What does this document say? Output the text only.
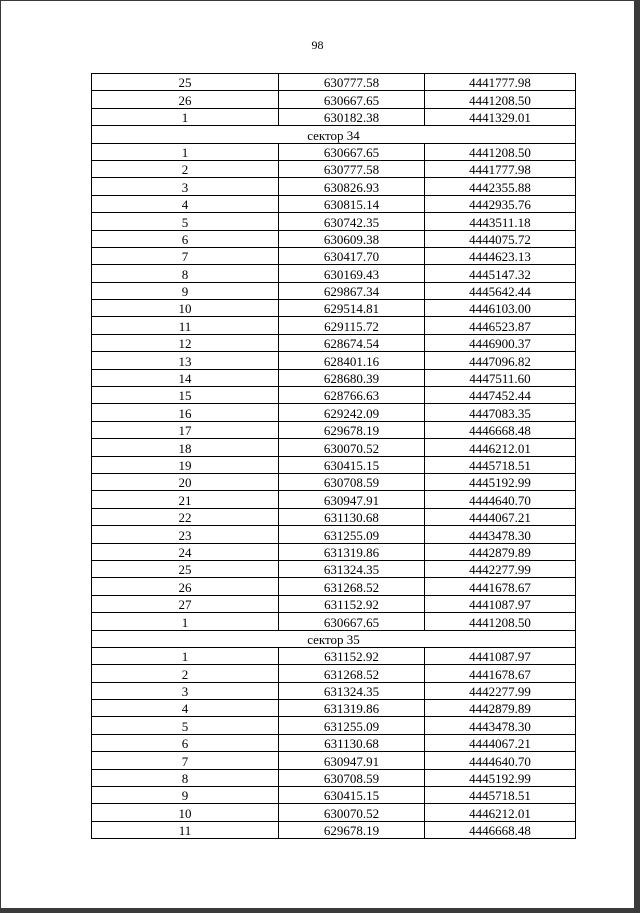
98
25	630777.58	4441777.98
26	630667.65	4441208.50
1	630182.38	4441329.01
сектор 34		
1	630667.65	4441208.50
2	630777.58	4441777.98
3	630826.93	4442355.88
4	630815.14	4442935.76
5	630742.35	4443511.18
6	630609.38	4444075.72
7	630417.70	4444623.13
8	630169.43	4445147.32
9	629867.34	4445642.44
10	629514.81	4446103.00
11	629115.72	4446523.87
12	628674.54	4446900.37
13	628401.16	4447096.82
14	628680.39	4447511.60
15	628766.63	4447452.44
16	629242.09	4447083.35
17	629678.19	4446668.48
18	630070.52	4446212.01
19	630415.15	4445718.51
20	630708.59	4445192.99
21	630947.91	4444640.70
22	631130.68	4444067.21
23	631255.09	4443478.30
24	631319.86	4442879.89
25	631324.35	4442277.99
26	631268.52	4441678.67
27	631152.92	4441087.97
1	630667.65	4441208.50
сектор 35		
1	631152.92	4441087.97
2	631268.52	4441678.67
3	631324.35	4442277.99
4	631319.86	4442879.89
5	631255.09	4443478.30
6	631130.68	4444067.21
7	630947.91	4444640.70
8	630708.59	4445192.99
9	630415.15	4445718.51
10	630070.52	4446212.01
11	629678.19	4446668.48
